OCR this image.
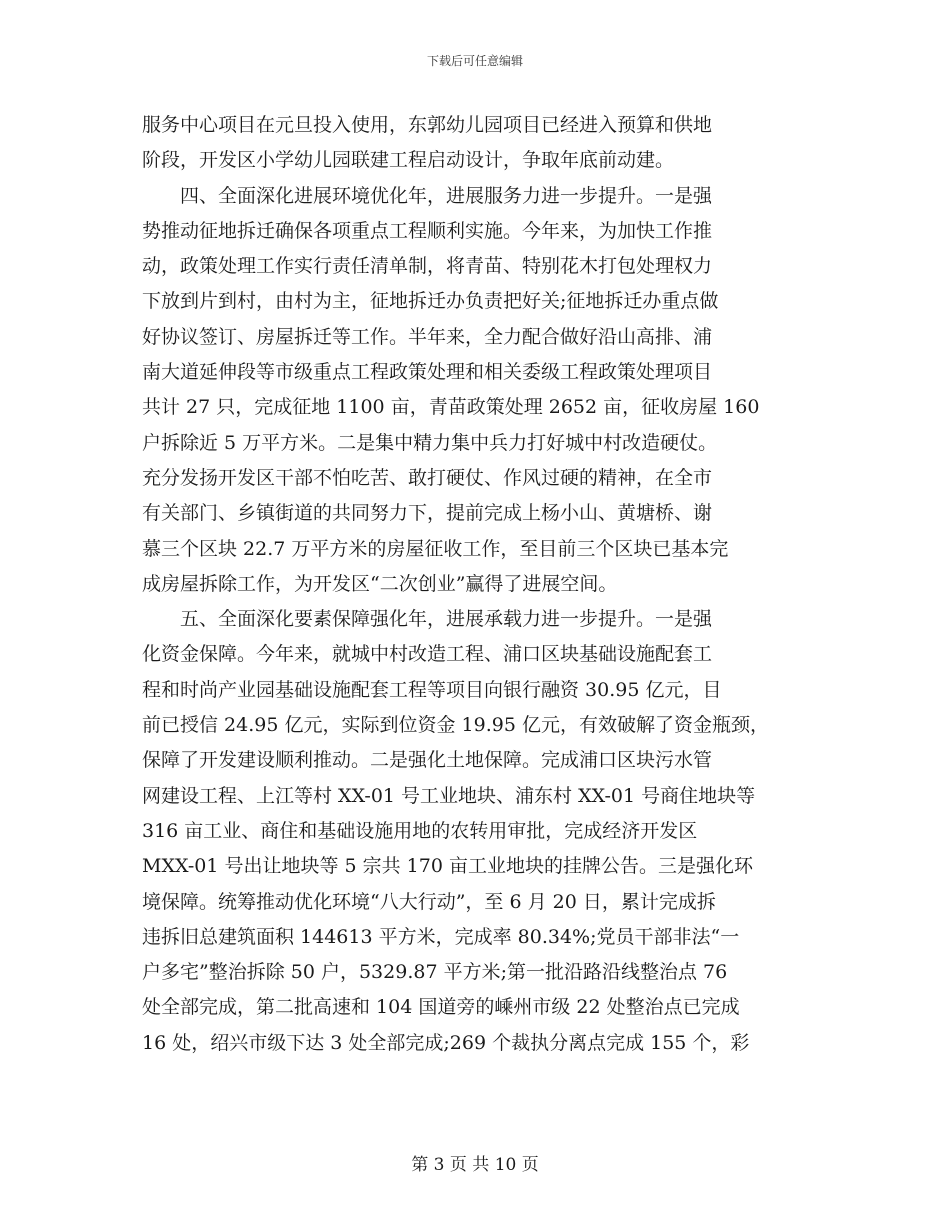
下载后可任意编辑
服务中心项目在元旦投入使用，东郭幼儿园项目已经进入预算和供地
阶段，开发区小学幼儿园联建工程启动设计，争取年底前动建。
四、全面深化进展环境优化年，进展服务力进一步提升。一是强
势推动征地拆迁确保各项重点工程顺利实施。今年来，为加快工作推
动，政策处理工作实行责任清单制，将青苗、特别花木打包处理权力
下放到片到村，由村为主，征地拆迁办负责把好关;征地拆迁办重点做
好协议签订、房屋拆迁等工作。半年来，全力配合做好沿山高排、浦
南大道延伸段等市级重点工程政策处理和相关委级工程政策处理项目
共计 27 只，完成征地 1100 亩，青苗政策处理 2652 亩，征收房屋 160
户拆除近 5 万平方米。二是集中精力集中兵力打好城中村改造硬仗。
充分发扬开发区干部不怕吃苦、敢打硬仗、作风过硬的精神，在全市
有关部门、乡镇街道的共同努力下，提前完成上杨小山、黄塘桥、谢
慕三个区块 22.7 万平方米的房屋征收工作，至目前三个区块已基本完
成房屋拆除工作，为开发区“二次创业”赢得了进展空间。
五、全面深化要素保障强化年，进展承载力进一步提升。一是强
化资金保障。今年来，就城中村改造工程、浦口区块基础设施配套工
程和时尚产业园基础设施配套工程等项目向银行融资 30.95 亿元，目
前已授信 24.95 亿元，实际到位资金 19.95 亿元，有效破解了资金瓶颈，
保障了开发建设顺利推动。二是强化土地保障。完成浦口区块污水管
网建设工程、上江等村 XX-01 号工业地块、浦东村 XX-01 号商住地块等
316 亩工业、商住和基础设施用地的农转用审批，完成经济开发区
MXX-01 号出让地块等 5 宗共 170 亩工业地块的挂牌公告。三是强化环
境保障。统筹推动优化环境“八大行动”，至 6 月 20 日，累计完成拆
违拆旧总建筑面积 144613 平方米，完成率 80.34%;党员干部非法“一
户多宅”整治拆除 50 户，5329.87 平方米;第一批沿路沿线整治点 76
处全部完成，第二批高速和 104 国道旁的嵊州市级 22 处整治点已完成
16 处，绍兴市级下达 3 处全部完成;269 个裁执分离点完成 155 个，彩
第 3 页 共 10 页
